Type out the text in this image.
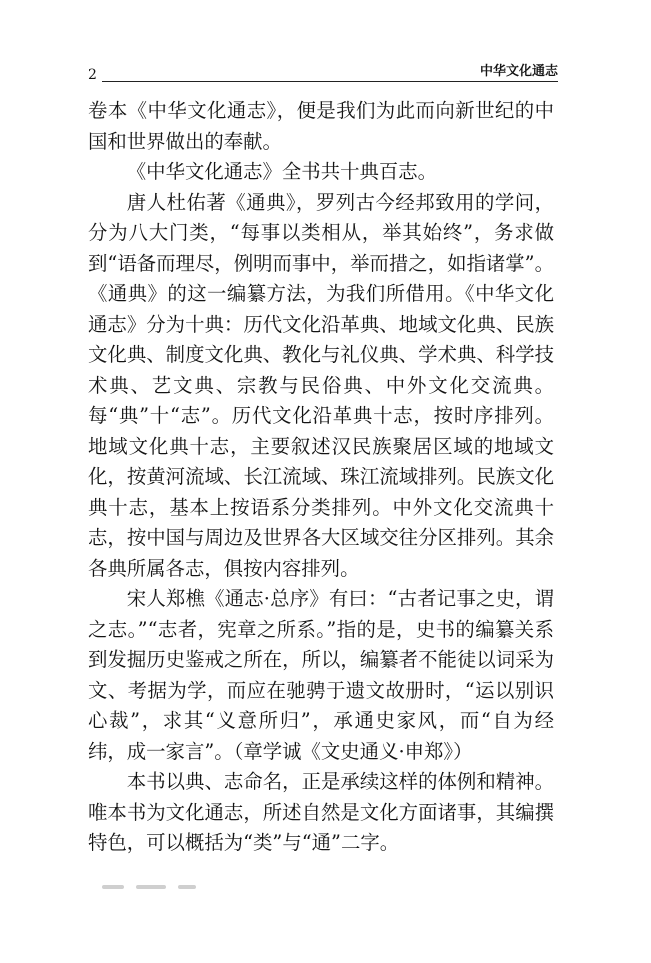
2	中华文化通志

卷本《中华文化通志》，便是我们为此而向新世纪的中国和世界做出的奉献。

《中华文化通志》全书共十典百志。

唐人杜佑著《通典》，罗列古今经邦致用的学问，分为八大门类，“每事以类相从，举其始终”，务求做到“语备而理尽，例明而事中，举而措之，如指诸掌”。《通典》的这一编纂方法，为我们所借用。《中华文化通志》分为十典：历代文化沿革典、地域文化典、民族文化典、制度文化典、教化与礼仪典、学术典、科学技术典、艺文典、宗教与民俗典、中外文化交流典。每“典”十“志”。历代文化沿革典十志，按时序排列。地域文化典十志，主要叙述汉民族聚居区域的地域文化，按黄河流域、长江流域、珠江流域排列。民族文化典十志，基本上按语系分类排列。中外文化交流典十志，按中国与周边及世界各大区域交往分区排列。其余各典所属各志，俱按内容排列。

宋人郑樵《通志·总序》有曰：“古者记事之史，谓之志。”“志者，宪章之所系。”指的是，史书的编纂关系到发掘历史鉴戒之所在，所以，编纂者不能徒以词采为文、考据为学，而应在驰骋于遗文故册时，“运以别识心裁”，求其“义意所归”，承通史家风，而“自为经纬，成一家言”。（章学诚《文史通义·申郑》）

本书以典、志命名，正是承续这样的体例和精神。唯本书为文化通志，所述自然是文化方面诸事，其编撰特色，可以概括为“类”与“通”二字。
